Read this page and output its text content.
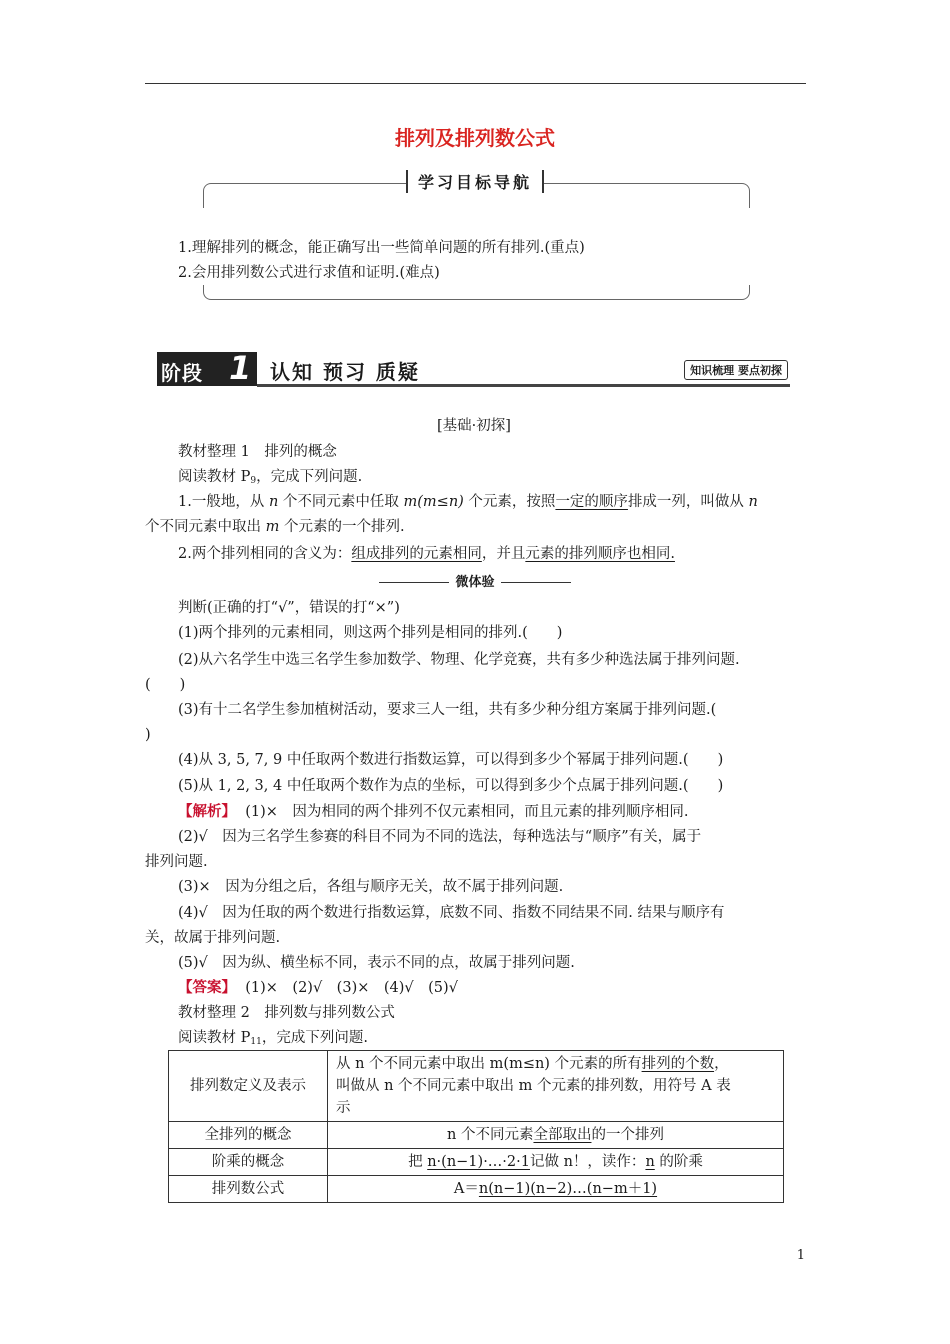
排列及排列数公式
学习目标导航
1.理解排列的概念，能正确写出一些简单问题的所有排列.(重点)
2.会用排列数公式进行求值和证明.(难点)
阶段 1 认知 预习 质疑	知识梳理 要点初探
[基础·初探]
教材整理 1　排列的概念
阅读教材 $P_9$，完成下列问题.
1.一般地，从 n 个不同元素中任取 m(m≤n) 个元素，按照一定的顺序排成一列，叫做从 n
个不同元素中取出 m 个元素的一个排列.
2.两个排列相同的含义为：组成排列的元素相同，并且元素的排列顺序也相同.
微体验
判断(正确的打“√”，错误的打“×”)
(1)两个排列的元素相同，则这两个排列是相同的排列.(　　)
(2)从六名学生中选三名学生参加数学、物理、化学竞赛，共有多少种选法属于排列问题.
(　　)
(3)有十二名学生参加植树活动，要求三人一组，共有多少种分组方案属于排列问题.(
)
(4)从 3, 5, 7, 9 中任取两个数进行指数运算，可以得到多少个幂属于排列问题.(　　)
(5)从 1, 2, 3, 4 中任取两个数作为点的坐标，可以得到多少个点属于排列问题.(　　)
【解析】 (1)×　因为相同的两个排列不仅元素相同，而且元素的排列顺序相同.
(2)√　因为三名学生参赛的科目不同为不同的选法，每种选法与“顺序”有关，属于
排列问题.
(3)×　因为分组之后，各组与顺序无关，故不属于排列问题.
(4)√　因为任取的两个数进行指数运算，底数不同、指数不同结果不同. 结果与顺序有
关，故属于排列问题.
(5)√　因为纵、横坐标不同，表示不同的点，故属于排列问题.
【答案】 (1)×　(2)√　(3)×　(4)√　(5)√
教材整理 2　排列数与排列数公式
阅读教材 $P_{11}$，完成下列问题.
排列数定义及表示	从 n 个不同元素中取出 m(m≤n) 个元素的所有排列的个数，
叫做从 n 个不同元素中取出 m 个元素的排列数，用符号 A 表
示
全排列的概念	n 个不同元素全部取出的一个排列
阶乘的概念	把 n·(n−1)·…·2·1记做 n！，读作：n 的阶乘
排列数公式	A＝n(n−1)(n−2)…(n−m＋1)
1
